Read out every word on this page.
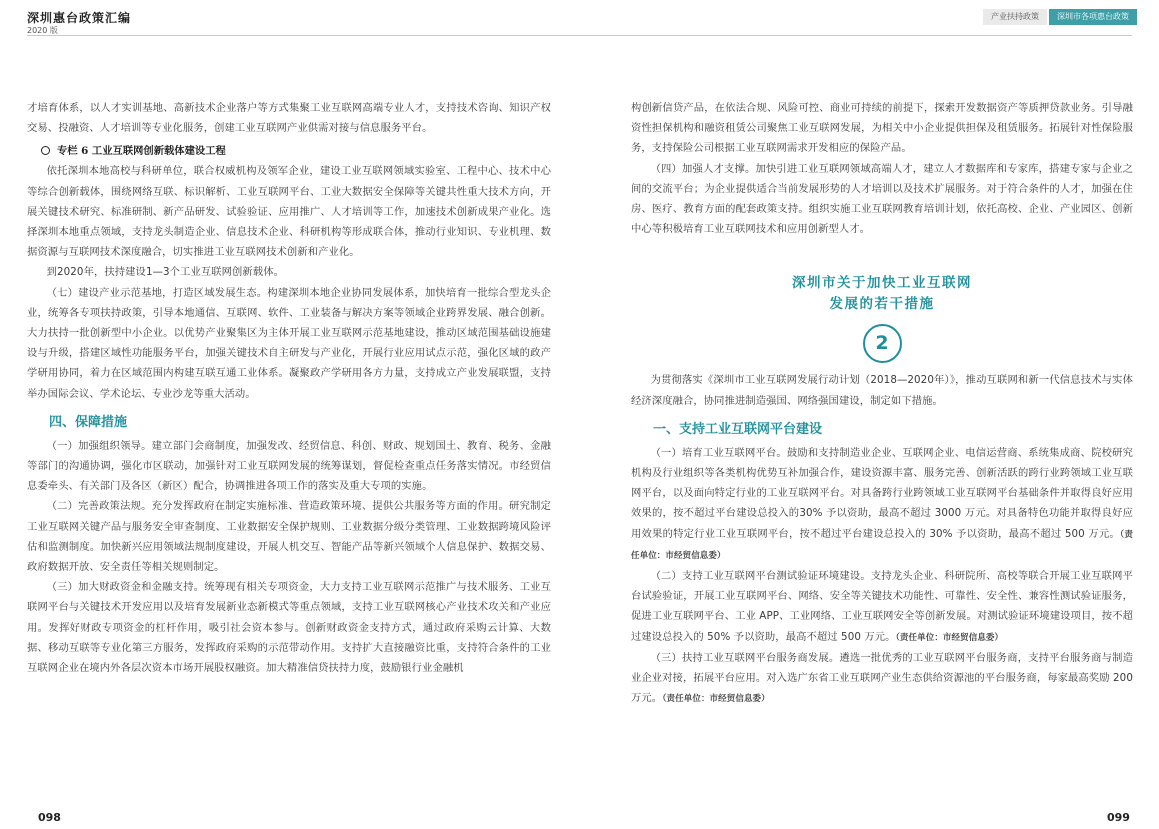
深圳惠台政策汇编
2020 版
产业扶持政策	深圳市各项惠台政策

才培育体系，以人才实训基地、高新技术企业落户等方式集聚工业互联网高端专业人才，支持技术咨询、知识产权交易、投融资、人才培训等专业化服务，创建工业互联网产业供需对接与信息服务平台。

专栏 6 工业互联网创新载体建设工程

依托深圳本地高校与科研单位，联合权威机构及领军企业，建设工业互联网领域实验室、工程中心、技术中心等综合创新载体，围绕网络互联、标识解析、工业互联网平台、工业大数据安全保障等关键共性重大技术方向，开展关键技术研究、标准研制、新产品研发、试验验证、应用推广、人才培训等工作，加速技术创新成果产业化。选择深圳本地重点领域，支持龙头制造企业、信息技术企业、科研机构等形成联合体，推动行业知识、专业机理、数据资源与互联网技术深度融合，切实推进工业互联网技术创新和产业化。

到2020年，扶持建设1—3个工业互联网创新载体。

（七）建设产业示范基地，打造区域发展生态。构建深圳本地企业协同发展体系，加快培育一批综合型龙头企业，统筹各专项扶持政策，引导本地通信、互联网、软件、工业装备与解决方案等领域企业跨界发展、融合创新。大力扶持一批创新型中小企业。以优势产业聚集区为主体开展工业互联网示范基地建设，推动区域范围基础设施建设与升级，搭建区域性功能服务平台，加强关键技术自主研发与产业化，开展行业应用试点示范，强化区域的政产学研用协同，着力在区域范围内构建互联互通工业体系。凝聚政产学研用各方力量，支持成立产业发展联盟，支持举办国际会议、学术论坛、专业沙龙等重大活动。

四、保障措施

（一）加强组织领导。建立部门会商制度，加强发改、经贸信息、科创、财政、规划国土、教育、税务、金融等部门的沟通协调，强化市区联动，加强针对工业互联网发展的统筹谋划，督促检查重点任务落实情况。市经贸信息委牵头、有关部门及各区（新区）配合，协调推进各项工作的落实及重大专项的实施。

（二）完善政策法规。充分发挥政府在制定实施标准、营造政策环境、提供公共服务等方面的作用。研究制定工业互联网关键产品与服务安全审查制度、工业数据安全保护规则、工业数据分级分类管理、工业数据跨境风险评估和监测制度。加快新兴应用领域法规制度建设，开展人机交互、智能产品等新兴领域个人信息保护、数据交易、政府数据开放、安全责任等相关规则制定。

（三）加大财政资金和金融支持。统筹现有相关专项资金，大力支持工业互联网示范推广与技术服务、工业互联网平台与关键技术开发应用以及培育发展新业态新模式等重点领域，支持工业互联网核心产业技术攻关和产业应用。发挥好财政专项资金的杠杆作用，吸引社会资本参与。创新财政资金支持方式，通过政府采购云计算、大数据、移动互联等专业化第三方服务，发挥政府采购的示范带动作用。支持扩大直接融资比重，支持符合条件的工业互联网企业在境内外各层次资本市场开展股权融资。加大精准信贷扶持力度，鼓励银行业金融机

构创新信贷产品，在依法合规、风险可控、商业可持续的前提下，探索开发数据资产等质押贷款业务。引导融资性担保机构和融资租赁公司聚焦工业互联网发展，为相关中小企业提供担保及租赁服务。拓展针对性保险服务，支持保险公司根据工业互联网需求开发相应的保险产品。

（四）加强人才支撑。加快引进工业互联网领域高端人才，建立人才数据库和专家库，搭建专家与企业之间的交流平台；为企业提供适合当前发展形势的人才培训以及技术扩展服务。对于符合条件的人才，加强在住房、医疗、教育方面的配套政策支持。组织实施工业互联网教育培训计划，依托高校、企业、产业园区、创新中心等积极培育工业互联网技术和应用创新型人才。

深圳市关于加快工业互联网
发展的若干措施
2

为贯彻落实《深圳市工业互联网发展行动计划（2018—2020年）》，推动互联网和新一代信息技术与实体经济深度融合，协同推进制造强国、网络强国建设，制定如下措施。

一、支持工业互联网平台建设

（一）培育工业互联网平台。鼓励和支持制造业企业、互联网企业、电信运营商、系统集成商、院校研究机构及行业组织等各类机构优势互补加强合作，建设资源丰富、服务完善、创新活跃的跨行业跨领域工业互联网平台，以及面向特定行业的工业互联网平台。对具备跨行业跨领域工业互联网平台基础条件并取得良好应用效果的，按不超过平台建设总投入的30% 予以资助，最高不超过 3000 万元。对具备特色功能并取得良好应用效果的特定行业工业互联网平台，按不超过平台建设总投入的 30% 予以资助，最高不超过 500 万元。（责任单位：市经贸信息委）

（二）支持工业互联网平台测试验证环境建设。支持龙头企业、科研院所、高校等联合开展工业互联网平台试验验证，开展工业互联网平台、网络、安全等关键技术功能性、可靠性、安全性、兼容性测试验证服务，促进工业互联网平台、工业 APP、工业网络、工业互联网安全等创新发展。对测试验证环境建设项目，按不超过建设总投入的 50% 予以资助，最高不超过 500 万元。（责任单位：市经贸信息委）

（三）扶持工业互联网平台服务商发展。遴选一批优秀的工业互联网平台服务商，支持平台服务商与制造业企业对接，拓展平台应用。对入选广东省工业互联网产业生态供给资源池的平台服务商，每家最高奖励 200 万元。（责任单位：市经贸信息委）

098	099
